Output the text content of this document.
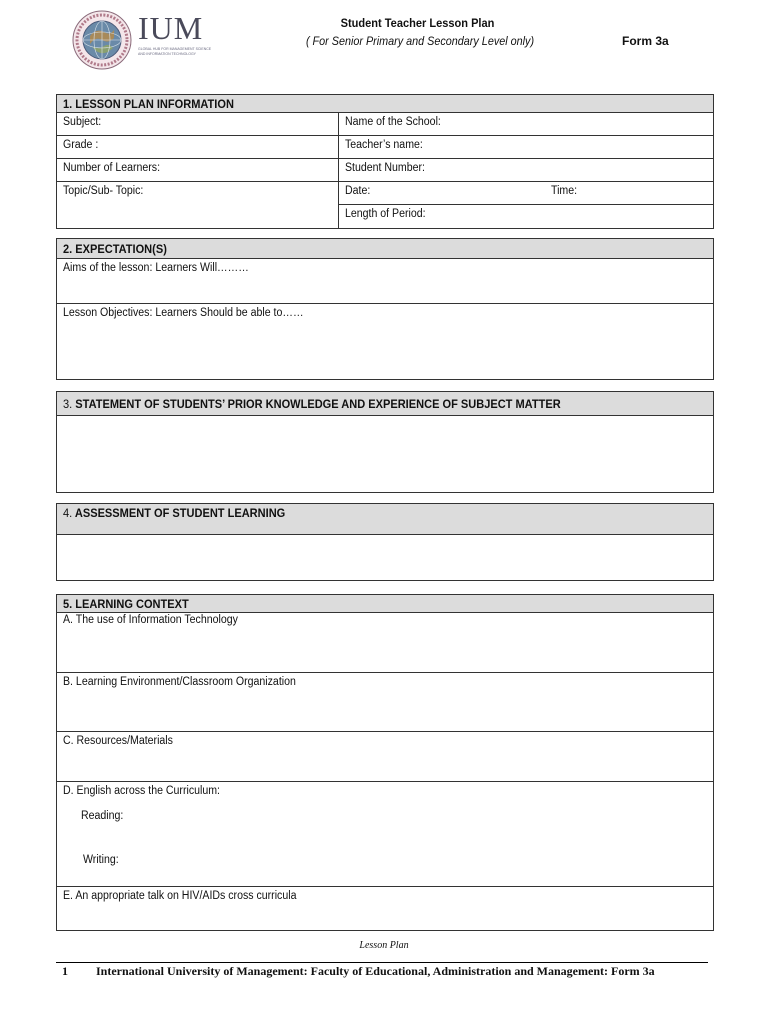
IUM
GLOBAL HUB FOR MANAGEMENT SCIENCE AND INFORMATION TECHNOLOGY
Student Teacher Lesson Plan
( For Senior Primary and Secondary Level only)	Form 3a
1. LESSON PLAN INFORMATION
Subject:	Name of the School:
Grade :	Teacher’s name:
Number of Learners:	Student Number:
Topic/Sub- Topic:	Date:	Time:
Length of Period:
2. EXPECTATION(S)
Aims of the lesson: Learners Will………
Lesson Objectives: Learners Should be able to……
3. STATEMENT OF STUDENTS’ PRIOR KNOWLEDGE AND EXPERIENCE OF SUBJECT MATTER
4. ASSESSMENT OF STUDENT LEARNING
5. LEARNING CONTEXT
A. The use of Information Technology
B. Learning Environment/Classroom Organization
C. Resources/Materials
D. English across the Curriculum:
Reading:
Writing:
E. An appropriate talk on HIV/AIDs cross curricula
Lesson Plan
1 International University of Management: Faculty of Educational, Administration and Management: Form 3a
